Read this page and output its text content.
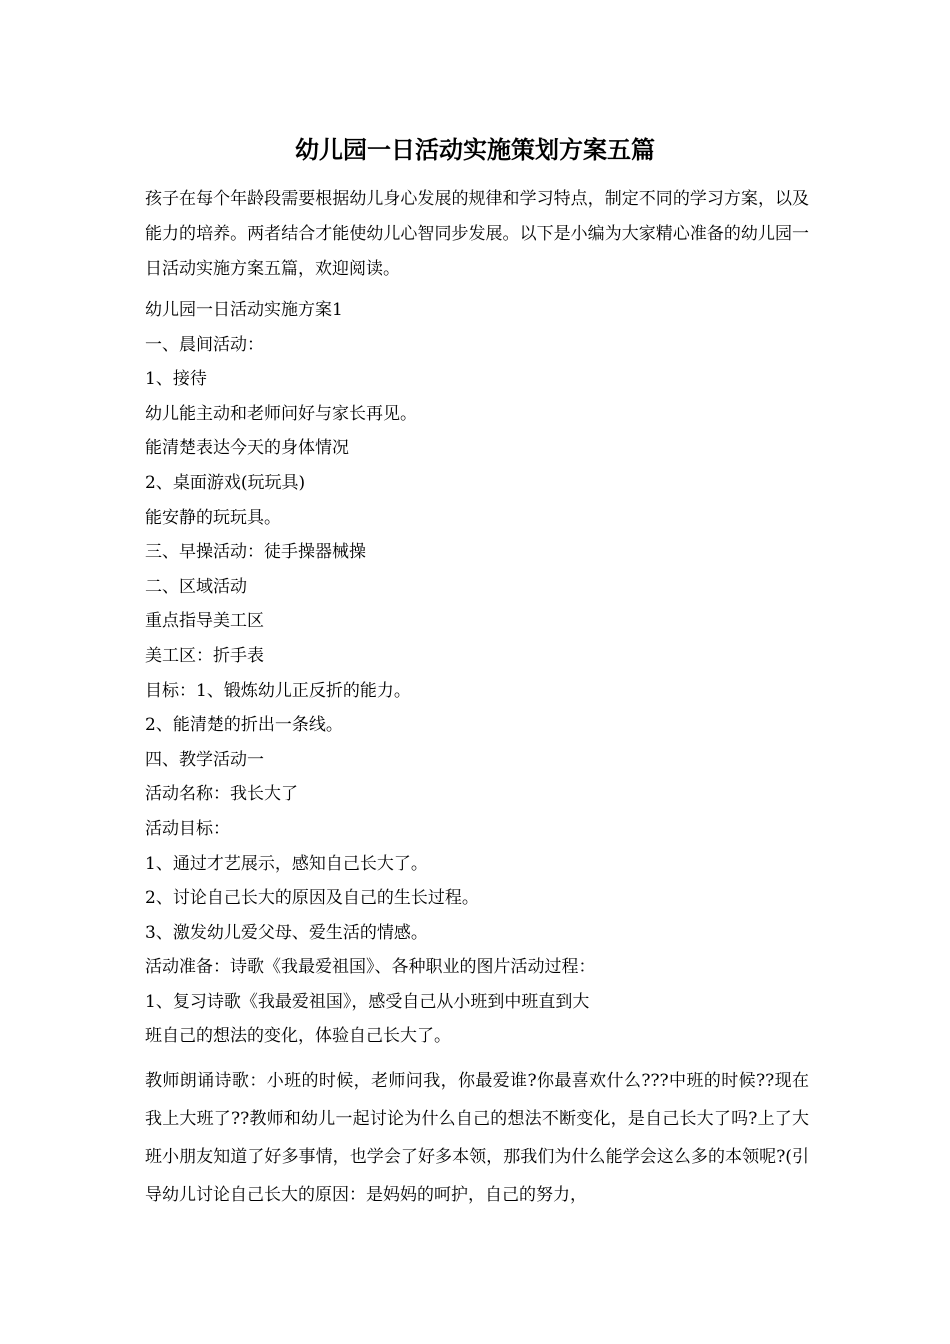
幼儿园一日活动实施策划方案五篇

孩子在每个年龄段需要根据幼儿身心发展的规律和学习特点，制定不同的学习方案，以及能力的培养。两者结合才能使幼儿心智同步发展。以下是小编为大家精心准备的幼儿园一日活动实施方案五篇，欢迎阅读。

幼儿园一日活动实施方案1
一、晨间活动：
1、接待
幼儿能主动和老师问好与家长再见。
能清楚表达今天的身体情况
2、桌面游戏(玩玩具)
能安静的玩玩具。
三、早操活动：徒手操器械操
二、区域活动
重点指导美工区
美工区：折手表
目标：1、锻炼幼儿正反折的能力。
2、能清楚的折出一条线。
四、教学活动一
活动名称：我长大了
活动目标：
1、通过才艺展示，感知自己长大了。
2、讨论自己长大的原因及自己的生长过程。
3、激发幼儿爱父母、爱生活的情感。
活动准备：诗歌《我最爱祖国》、各种职业的图片活动过程：
1、复习诗歌《我最爱祖国》，感受自己从小班到中班直到大
班自己的想法的变化，体验自己长大了。

教师朗诵诗歌：小班的时候，老师问我，你最爱谁?你最喜欢什么???中班的时候??现在我上大班了??教师和幼儿一起讨论为什么自己的想法不断变化，是自己长大了吗?上了大班小朋友知道了好多事情，也学会了好多本领，那我们为什么能学会这么多的本领呢?(引导幼儿讨论自己长大的原因：是妈妈的呵护，自己的努力，
